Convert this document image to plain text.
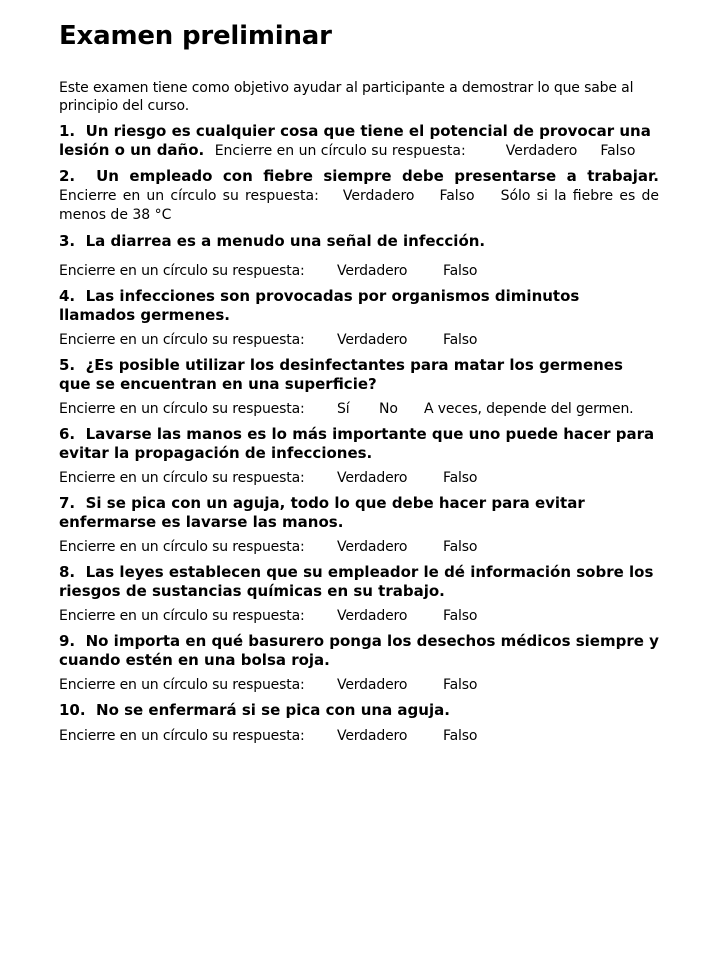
Examen preliminar

Este examen tiene como objetivo ayudar al participante a demostrar lo que sabe al principio del curso.

1. Un riesgo es cualquier cosa que tiene el potencial de provocar una lesión o un daño. Encierre en un círculo su respuesta:	Verdadero Falso

2. Un empleado con fiebre siempre debe presentarse a trabajar. Encierre en un círculo su respuesta: Verdadero Falso Sólo si la fiebre es de menos de 38 °C

3. La diarrea es a menudo una señal de infección.

Encierre en un círculo su respuesta: Verdadero	Falso

4. Las infecciones son provocadas por organismos diminutos llamados germenes.

Encierre en un círculo su respuesta: Verdadero	Falso

5. ¿Es posible utilizar los desinfectantes para matar los germenes que se encuentran en una superficie?

Encierre en un círculo su respuesta: Sí No A veces, depende del germen.

6. Lavarse las manos es lo más importante que uno puede hacer para evitar la propagación de infecciones.

Encierre en un círculo su respuesta: Verdadero	Falso

7. Si se pica con un aguja, todo lo que debe hacer para evitar enfermarse es lavarse las manos.

Encierre en un círculo su respuesta: Verdadero	Falso

8. Las leyes establecen que su empleador le dé información sobre los riesgos de sustancias químicas en su trabajo.

Encierre en un círculo su respuesta: Verdadero	Falso

9. No importa en qué basurero ponga los desechos médicos siempre y cuando estén en una bolsa roja.

Encierre en un círculo su respuesta: Verdadero	Falso

10. No se enfermará si se pica con una aguja.

Encierre en un círculo su respuesta: Verdadero	Falso
